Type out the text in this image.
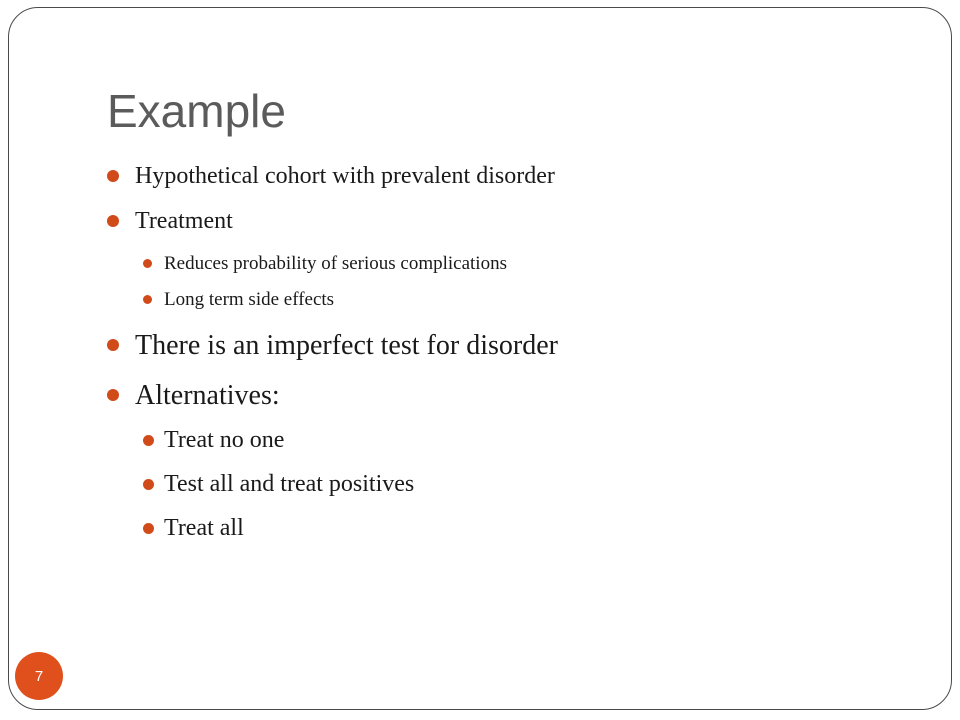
Example
Hypothetical cohort with prevalent disorder
Treatment
Reduces probability of serious complications
Long term side effects
There is an imperfect test for disorder
Alternatives:
Treat no one
Test all and treat positives
Treat all
7
